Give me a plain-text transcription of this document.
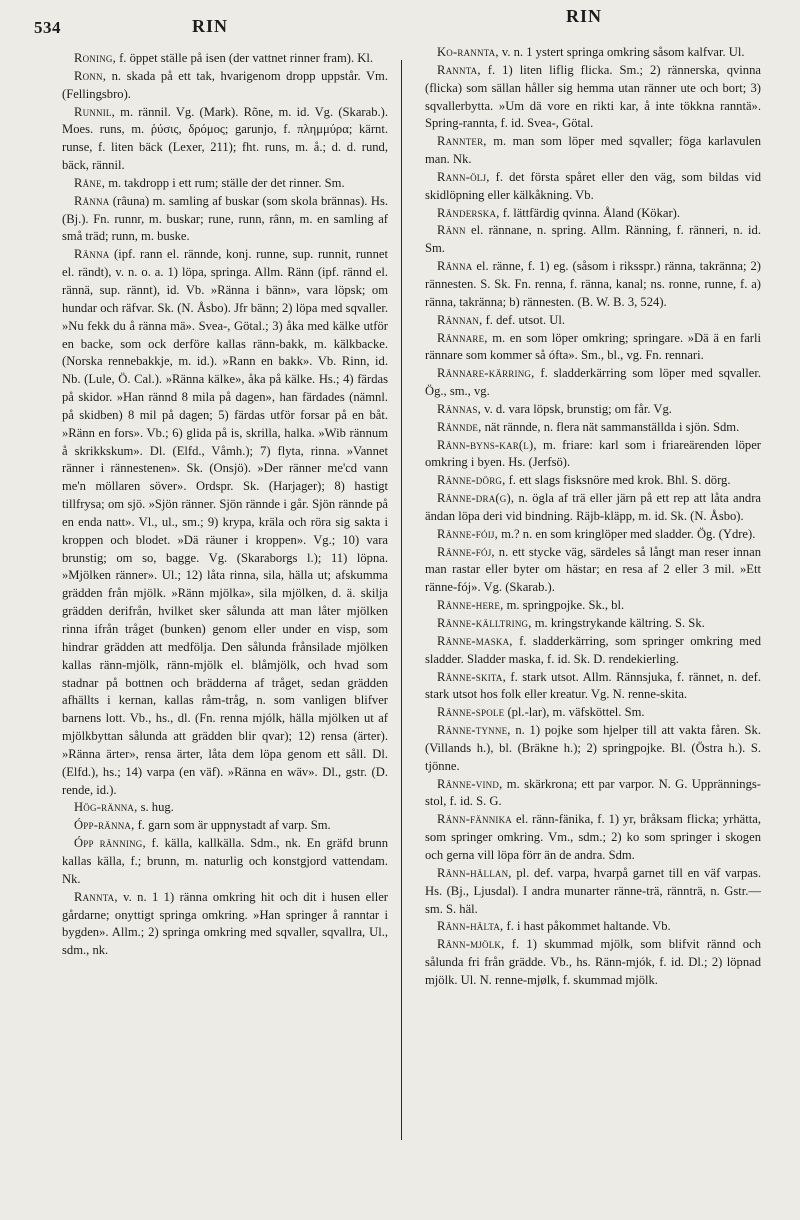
534	RIN	RIN

Roning, f. öppet ställe på isen (der vattnet rinner fram). Kl.

Ronn, n. skada på ett tak, hvarigenom dropp uppstår. Vm. (Fellingsbro).

Runnil, m. rännil. Vg. (Mark). Rõne, m. id. Vg. (Skarab.). Moes. runs, m. ῥύσις, δρόμος; garunjo, f. πλημμύρα; kärnt. runse, f. liten bäck (Lexer, 211); fht. runs, m. å.; d. d. rund, bäck, rännil.

Råne, m. takdropp i ett rum; ställe der det rinner. Sm.

Rånna (râuna) m. samling af buskar (som skola brännas). Hs. (Bj.). Fn. runnr, m. buskar; rune, runn, rânn, m. en samling af små träd; runn, m. buske.

Ränna (ipf. rann el. rännde, konj. runne, sup. runnit, runnet el. rändt), v. n. o. a. 1) löpa, springa. Allm. Ränn (ipf. rännd el. rännä, sup. rännt), id. Vb. »Ränna i bänn», vara löpsk; om hundar och räfvar. Sk. (N. Åsbo). Jfr bänn; 2) löpa med sqvaller. »Nu fekk du å ränna mä». Svea-, Götal.; 3) åka med kälke utför en backe, som ock derföre kallas ränn-bakk, m. kälkbacke. (Norska rennebakkje, m. id.). »Rann en bakk». Vb. Rinn, id. Nb. (Lule, Ö. Cal.). »Ränna kälke», åka på kälke. Hs.; 4) färdas på skidor. »Han rännd 8 mila på dagen», han färdades (nämnl. på skidben) 8 mil på dagen; 5) färdas utför forsar på en båt. »Ränn en fors». Vb.; 6) glida på is, skrilla, halka. »Wib rännum å skrikkskum». Dl. (Elfd., Våmh.); 7) flyta, rinna. »Vannet ränner i rännestenen». Sk. (Onsjö). »Der ränner me'cd vann me'n möllaren söver». Ordspr. Sk. (Harjager); 8) hastigt tillfrysa; om sjö. »Sjön ränner. Sjön rännde i går. Sjön rännde på en enda natt». Vl., ul., sm.; 9) krypa, kräla och röra sig sakta i kroppen och blodet. »Dä räuner i kroppen». Vg.; 10) vara brunstig; om so, bagge. Vg. (Skaraborgs l.); 11) löpna. »Mjölken ränner». Ul.; 12) låta rinna, sila, hälla ut; afskumma grädden från mjölk. »Ränn mjölka», sila mjölken, d. ä. skilja grädden derifrån, hvilket sker sålunda att man låter mjölken rinna ifrån tråget (bunken) genom eller under en visp, som hindrar grädden att medfölja. Den sålunda frånsilade mjölken kallas ränn-mjölk, ränn-mjölk el. blåmjölk, och hvad som stadnar på bottnen och brädderna af tråget, sedan grädden afhällts i kernan, kallas råm-tråg, n. som vanligen blifver barnens lott. Vb., hs., dl. (Fn. renna mjólk, hälla mjölken ut af mjölkbyttan sålunda att grädden blir qvar); 12) rensa (ärter). »Ränna ärter», rensa ärter, låta dem löpa genom ett såll. Dl. (Elfd.), hs.; 14) varpa (en väf). »Ränna en wäv». Dl., gstr. (D. rende, id.).

Hög-ränna, s. hug.

Ópp-ränna, f. garn som är uppnystadt af varp. Sm.

Ópp ränning, f. källa, kallkälla. Sdm., nk. En gräfd brunn kallas källa, f.; brunn, m. naturlig och konstgjord vattendam. Nk.

Rannta, v. n. 1 1) ränna omkring hit och dit i husen eller gårdarne; onyttigt springa omkring. »Han springer å ranntar i bygden». Allm.; 2) springa omkring med sqvaller, sqvallra, Ul., sdm., nk.

Ko-rannta, v. n. 1 ystert springa omkring såsom kalfvar. Ul.

Rannta, f. 1) liten liflig flicka. Sm.; 2) rännerska, qvinna (flicka) som sällan håller sig hemma utan ränner ute och bort; 3) sqvallerbytta. »Um dä vore en rikti kar, å inte tökkna ranntä». Spring-rannta, f. id. Svea-, Götal.

Rannter, m. man som löper med sqvaller; föga karlavulen man. Nk.

Rann-ölj, f. det första spåret eller den väg, som bildas vid skidlöpning eller kälkåkning. Vb.

Ränderska, f. lättfärdig qvinna. Åland (Kökar).

Ränn el. rännane, n. spring. Allm. Ränning, f. ränneri, n. id. Sm.

Ränna el. ränne, f. 1) eg. (såsom i riksspr.) ränna, takränna; 2) rännesten. S. Sk. Fn. renna, f. ränna, kanal; ns. ronne, runne, f. a) ränna, takränna; b) rännesten. (B. W. B. 3, 524).

Rännan, f. def. utsot. Ul.

Rännare, m. en som löper omkring; springare. »Dä ä en farli rännare som kommer så ófta». Sm., bl., vg. Fn. rennari.

Rännare-kärring, f. sladderkärring som löper med sqvaller. Ög., sm., vg.

Rännas, v. d. vara löpsk, brunstig; om får. Vg.

Rännde, nät rännde, n. flera nät sammanställda i sjön. Sdm.

Ränn-byns-kar(l), m. friare: karl som i friareärenden löper omkring i byen. Hs. (Jerfsö).

Ränne-dörg, f. ett slags fisksnöre med krok. Bhl. S. dörg.

Ränne-dra(g), n. ögla af trä eller järn på ett rep att låta andra ändan löpa deri vid bindning. Räjb-kläpp, m. id. Sk. (N. Åsbo).

Ränne-fóij, m.? n. en som kringlöper med sladder. Ög. (Ydre).

Ränne-fój, n. ett stycke väg, särdeles så långt man reser innan man rastar eller byter om hästar; en resa af 2 eller 3 mil. »Ett ränne-fój». Vg. (Skarab.).

Ränne-here, m. springpojke. Sk., bl.

Ränne-källtring, m. kringstrykande kältring. S. Sk.

Ränne-maska, f. sladderkärring, som springer omkring med sladder. Sladder maska, f. id. Sk. D. rendekierling.

Ränne-skita, f. stark utsot. Allm. Rännsjuka, f. rännet, n. def. stark utsot hos folk eller kreatur. Vg. N. renne-skita.

Ränne-spole (pl.-lar), m. väfsköttel. Sm.

Ränne-tynne, n. 1) pojke som hjelper till att vakta fåren. Sk. (Villands h.), bl. (Bräkne h.); 2) springpojke. Bl. (Östra h.). S. tjönne.

Ränne-vind, m. skärkrona; ett par varpor. N. G. Upprännings-stol, f. id. S. G.

Ränn-fännika el. ränn-fänika, f. 1) yr, bråksam flicka; yrhätta, som springer omkring. Vm., sdm.; 2) ko som springer i skogen och gerna vill löpa förr än de andra. Sdm.

Ränn-hällan, pl. def. varpa, hvarpå garnet till en väf varpas. Hs. (Bj., Ljusdal). I andra munarter ränne-trä, rännträ, n. Gstr.—sm. S. häl.

Ränn-hälta, f. i hast påkommet haltande. Vb.

Ränn-mjölk, f. 1) skummad mjölk, som blifvit rännd och sålunda fri från grädde. Vb., hs. Ränn-mjók, f. id. Dl.; 2) löpnad mjölk. Ul. N. renne-mjølk, f. skummad mjölk.
